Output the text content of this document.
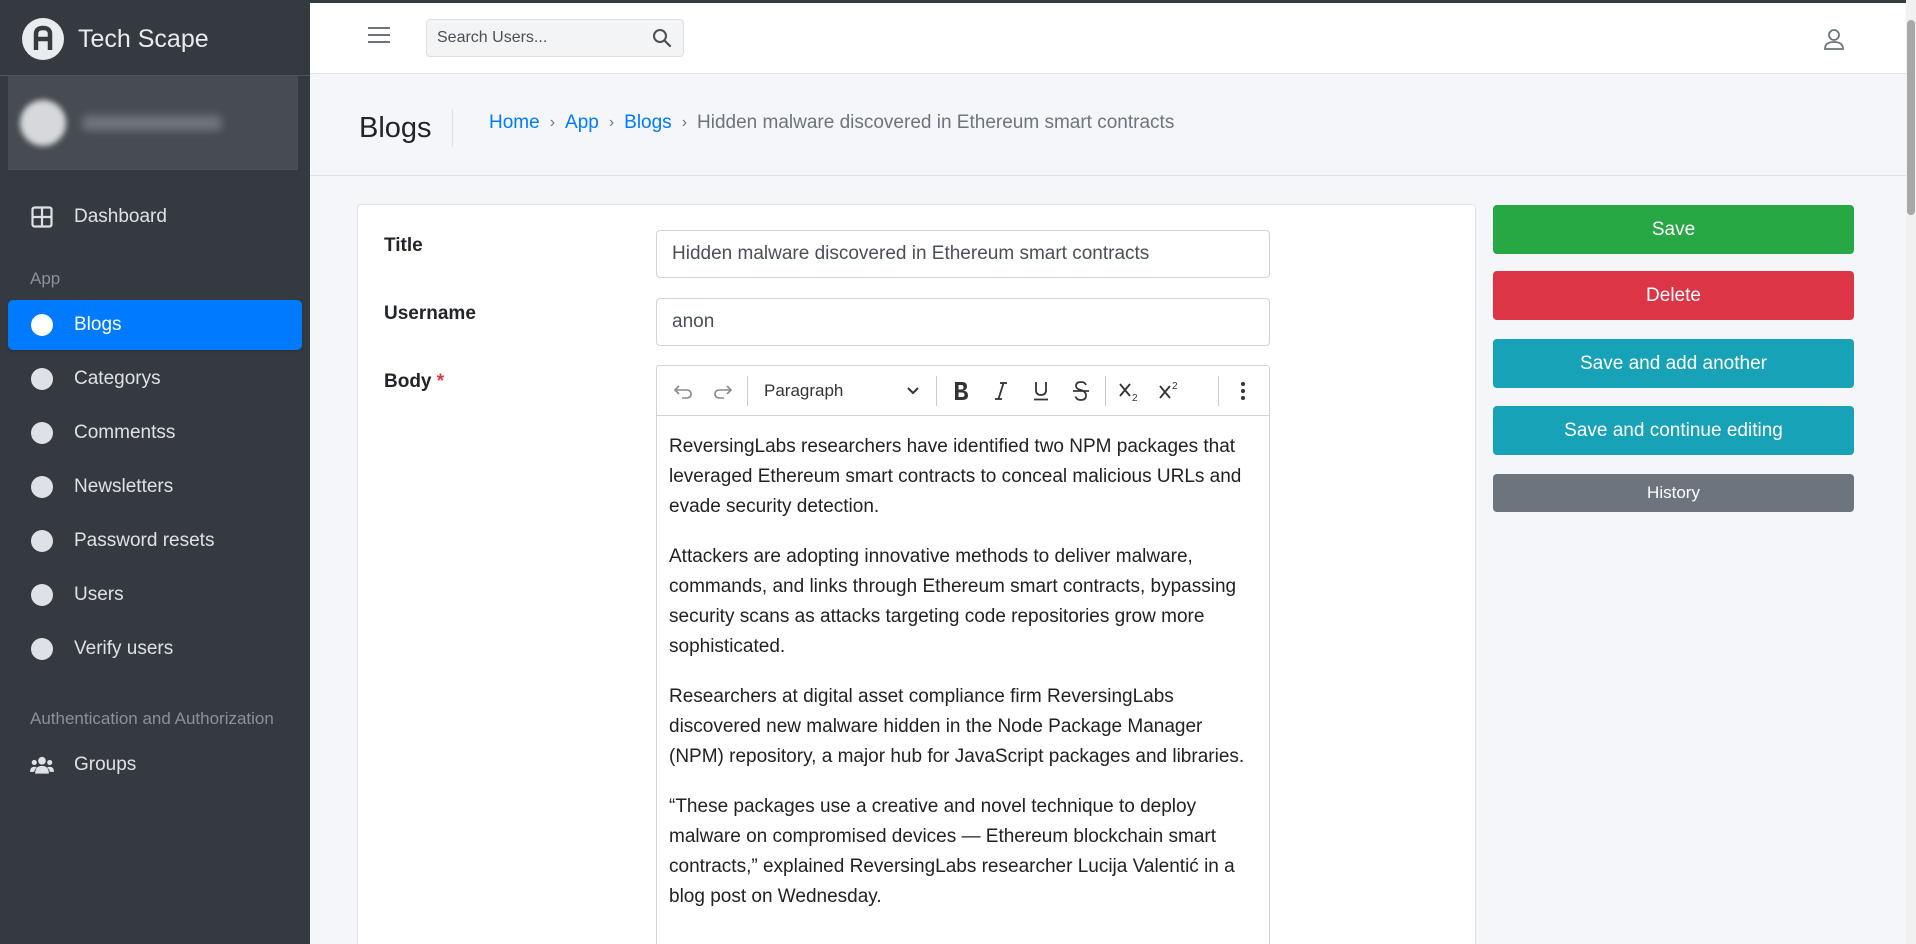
Tech Scape
Dashboard
App
Blogs
Categorys
Commentss
Newsletters
Password resets
Users
Verify users
Authentication and Authorization
Groups
Search Users...
Blogs	Home › App › Blogs › Hidden malware discovered in Ethereum smart contracts
Title
Hidden malware discovered in Ethereum smart contracts
Username
anon
Body *	Paragraph	2
2

ReversingLabs researchers have identified two NPM packages that leveraged Ethereum smart contracts to conceal malicious URLs and evade security detection.

Attackers are adopting innovative methods to deliver malware, commands, and links through Ethereum smart contracts, bypassing security scans as attacks targeting code repositories grow more sophisticated.

Researchers at digital asset compliance firm ReversingLabs discovered new malware hidden in the Node Package Manager (NPM) repository, a major hub for JavaScript packages and libraries.

“These packages use a creative and novel technique to deploy malware on compromised devices — Ethereum blockchain smart contracts,” explained ReversingLabs researcher Lucija Valentić in a blog post on Wednesday.

Save
Delete
Save and add another
Save and continue editing
History
